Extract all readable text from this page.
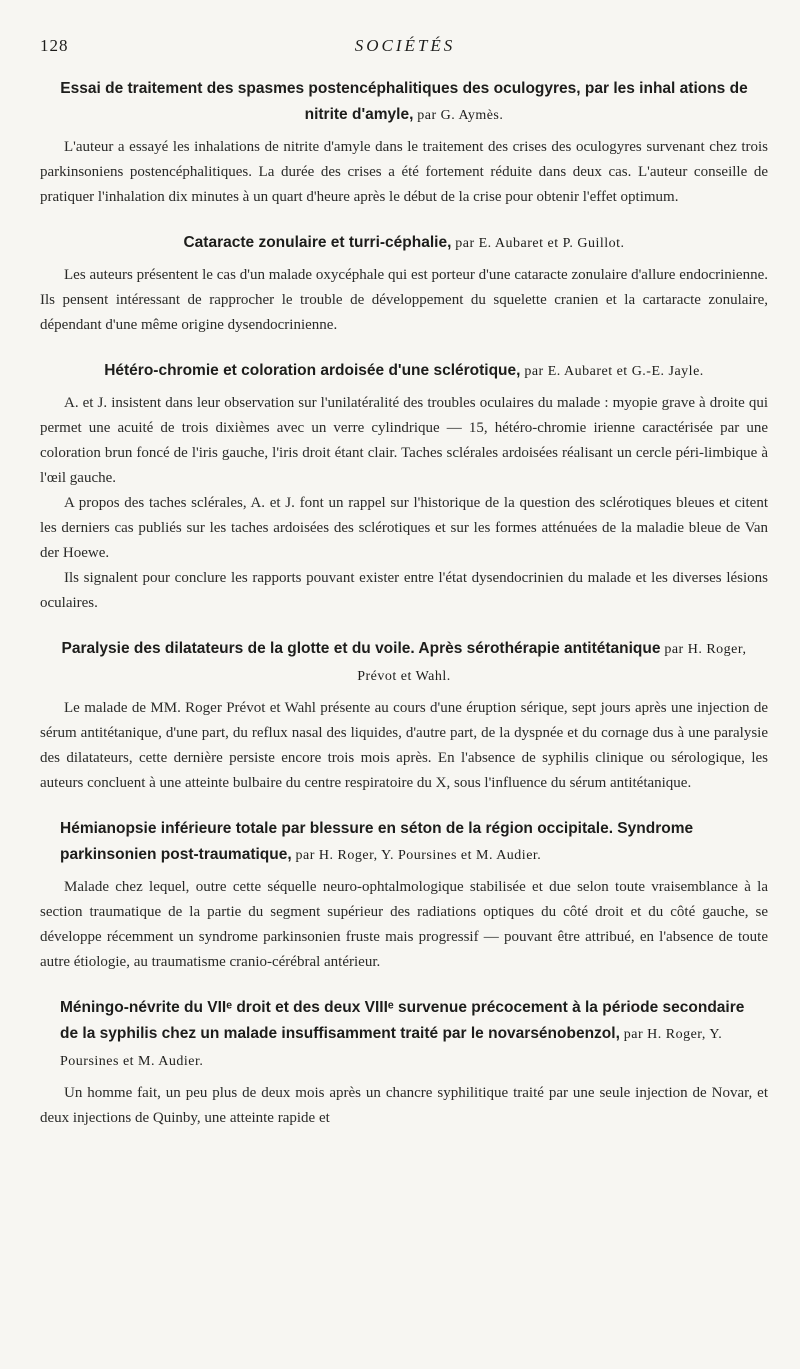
128	SOCIÉTÉS
Essai de traitement des spasmes postencéphalitiques des oculogyres, par les inhal ations de nitrite d'amyle, par G. Aymès.

L'auteur a essayé les inhalations de nitrite d'amyle dans le traitement des crises des oculogyres survenant chez trois parkinsoniens postencéphalitiques. La durée des crises a été fortement réduite dans deux cas. L'auteur conseille de pratiquer l'inhalation dix minutes à un quart d'heure après le début de la crise pour obtenir l'effet optimum.

Cataracte zonulaire et turri-céphalie, par E. Aubaret et P. Guillot.

Les auteurs présentent le cas d'un malade oxycéphale qui est porteur d'une cataracte zonulaire d'allure endocrinienne. Ils pensent intéressant de rapprocher le trouble de développement du squelette cranien et la cartaracte zonulaire, dépendant d'une même origine dysendocrinienne.

Hétéro-chromie et coloration ardoisée d'une sclérotique, par E. Aubaret et G.-E. Jayle.

A. et J. insistent dans leur observation sur l'unilatéralité des troubles oculaires du malade : myopie grave à droite qui permet une acuité de trois dixièmes avec un verre cylindrique — 15, hétéro-chromie irienne caractérisée par une coloration brun foncé de l'iris gauche, l'iris droit étant clair. Taches sclérales ardoisées réalisant un cercle péri-limbique à l'œil gauche.

A propos des taches sclérales, A. et J. font un rappel sur l'historique de la question des sclérotiques bleues et citent les derniers cas publiés sur les taches ardoisées des sclérotiques et sur les formes atténuées de la maladie bleue de Van der Hoewe.

Ils signalent pour conclure les rapports pouvant exister entre l'état dysendocrinien du malade et les diverses lésions oculaires.

Paralysie des dilatateurs de la glotte et du voile. Après sérothérapie antitétanique par H. Roger, Prévot et Wahl.

Le malade de MM. Roger Prévot et Wahl présente au cours d'une éruption sérique, sept jours après une injection de sérum antitétanique, d'une part, du reflux nasal des liquides, d'autre part, de la dyspnée et du cornage dus à une paralysie des dilatateurs, cette dernière persiste encore trois mois après. En l'absence de syphilis clinique ou sérologique, les auteurs concluent à une atteinte bulbaire du centre respiratoire du X, sous l'influence du sérum antitétanique.

Hémianopsie inférieure totale par blessure en séton de la région occipitale. Syndrome parkinsonien post-traumatique, par H. Roger, Y. Poursines et M. Audier.

Malade chez lequel, outre cette séquelle neuro-ophtalmologique stabilisée et due selon toute vraisemblance à la section traumatique de la partie du segment supérieur des radiations optiques du côté droit et du côté gauche, se développe récemment un syndrome parkinsonien fruste mais progressif — pouvant être attribué, en l'absence de toute autre étiologie, au traumatisme cranio-cérébral antérieur.

Méningo-névrite du VIIᵉ droit et des deux VIIIᵉ survenue précocement à la période secondaire de la syphilis chez un malade insuffisamment traité par le novarsénobenzol, par H. Roger, Y. Poursines et M. Audier.

Un homme fait, un peu plus de deux mois après un chancre syphilitique traité par une seule injection de Novar, et deux injections de Quinby, une atteinte rapide et
